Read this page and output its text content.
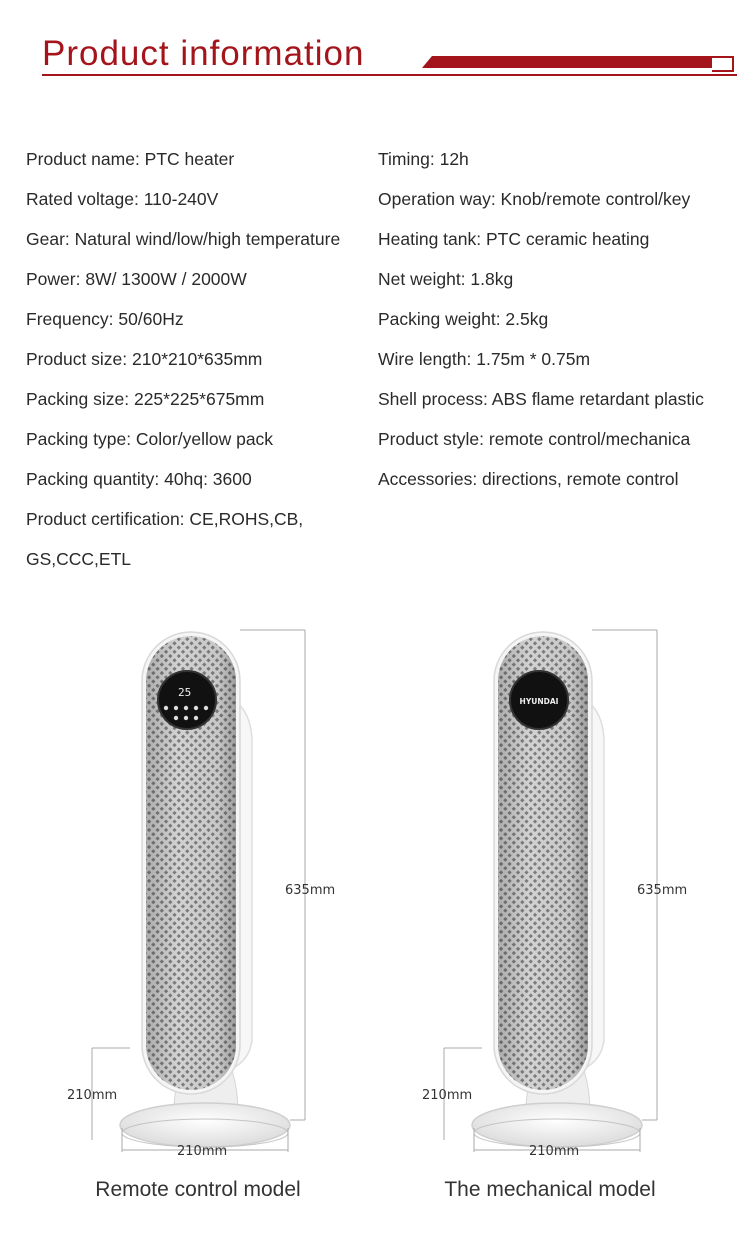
Product information
Product name: PTC heater
Rated voltage: 110-240V
Gear: Natural wind/low/high temperature
Power: 8W/ 1300W / 2000W
Frequency: 50/60Hz
Product size: 210*210*635mm
Packing size: 225*225*675mm
Packing type: Color/yellow pack
Packing quantity: 40hq: 3600
Product certification: CE,ROHS,CB,
GS,CCC,ETL
Timing: 12h
Operation way: Knob/remote control/key
Heating tank: PTC ceramic heating
Net weight: 1.8kg
Packing weight: 2.5kg
Wire length: 1.75m * 0.75m
Shell process: ABS flame retardant plastic
Product style: remote control/mechanica
Accessories: directions, remote control
25
635mm
210mm
210mm
HYUNDAI
635mm
210mm
210mm
Remote control model	The mechanical model
